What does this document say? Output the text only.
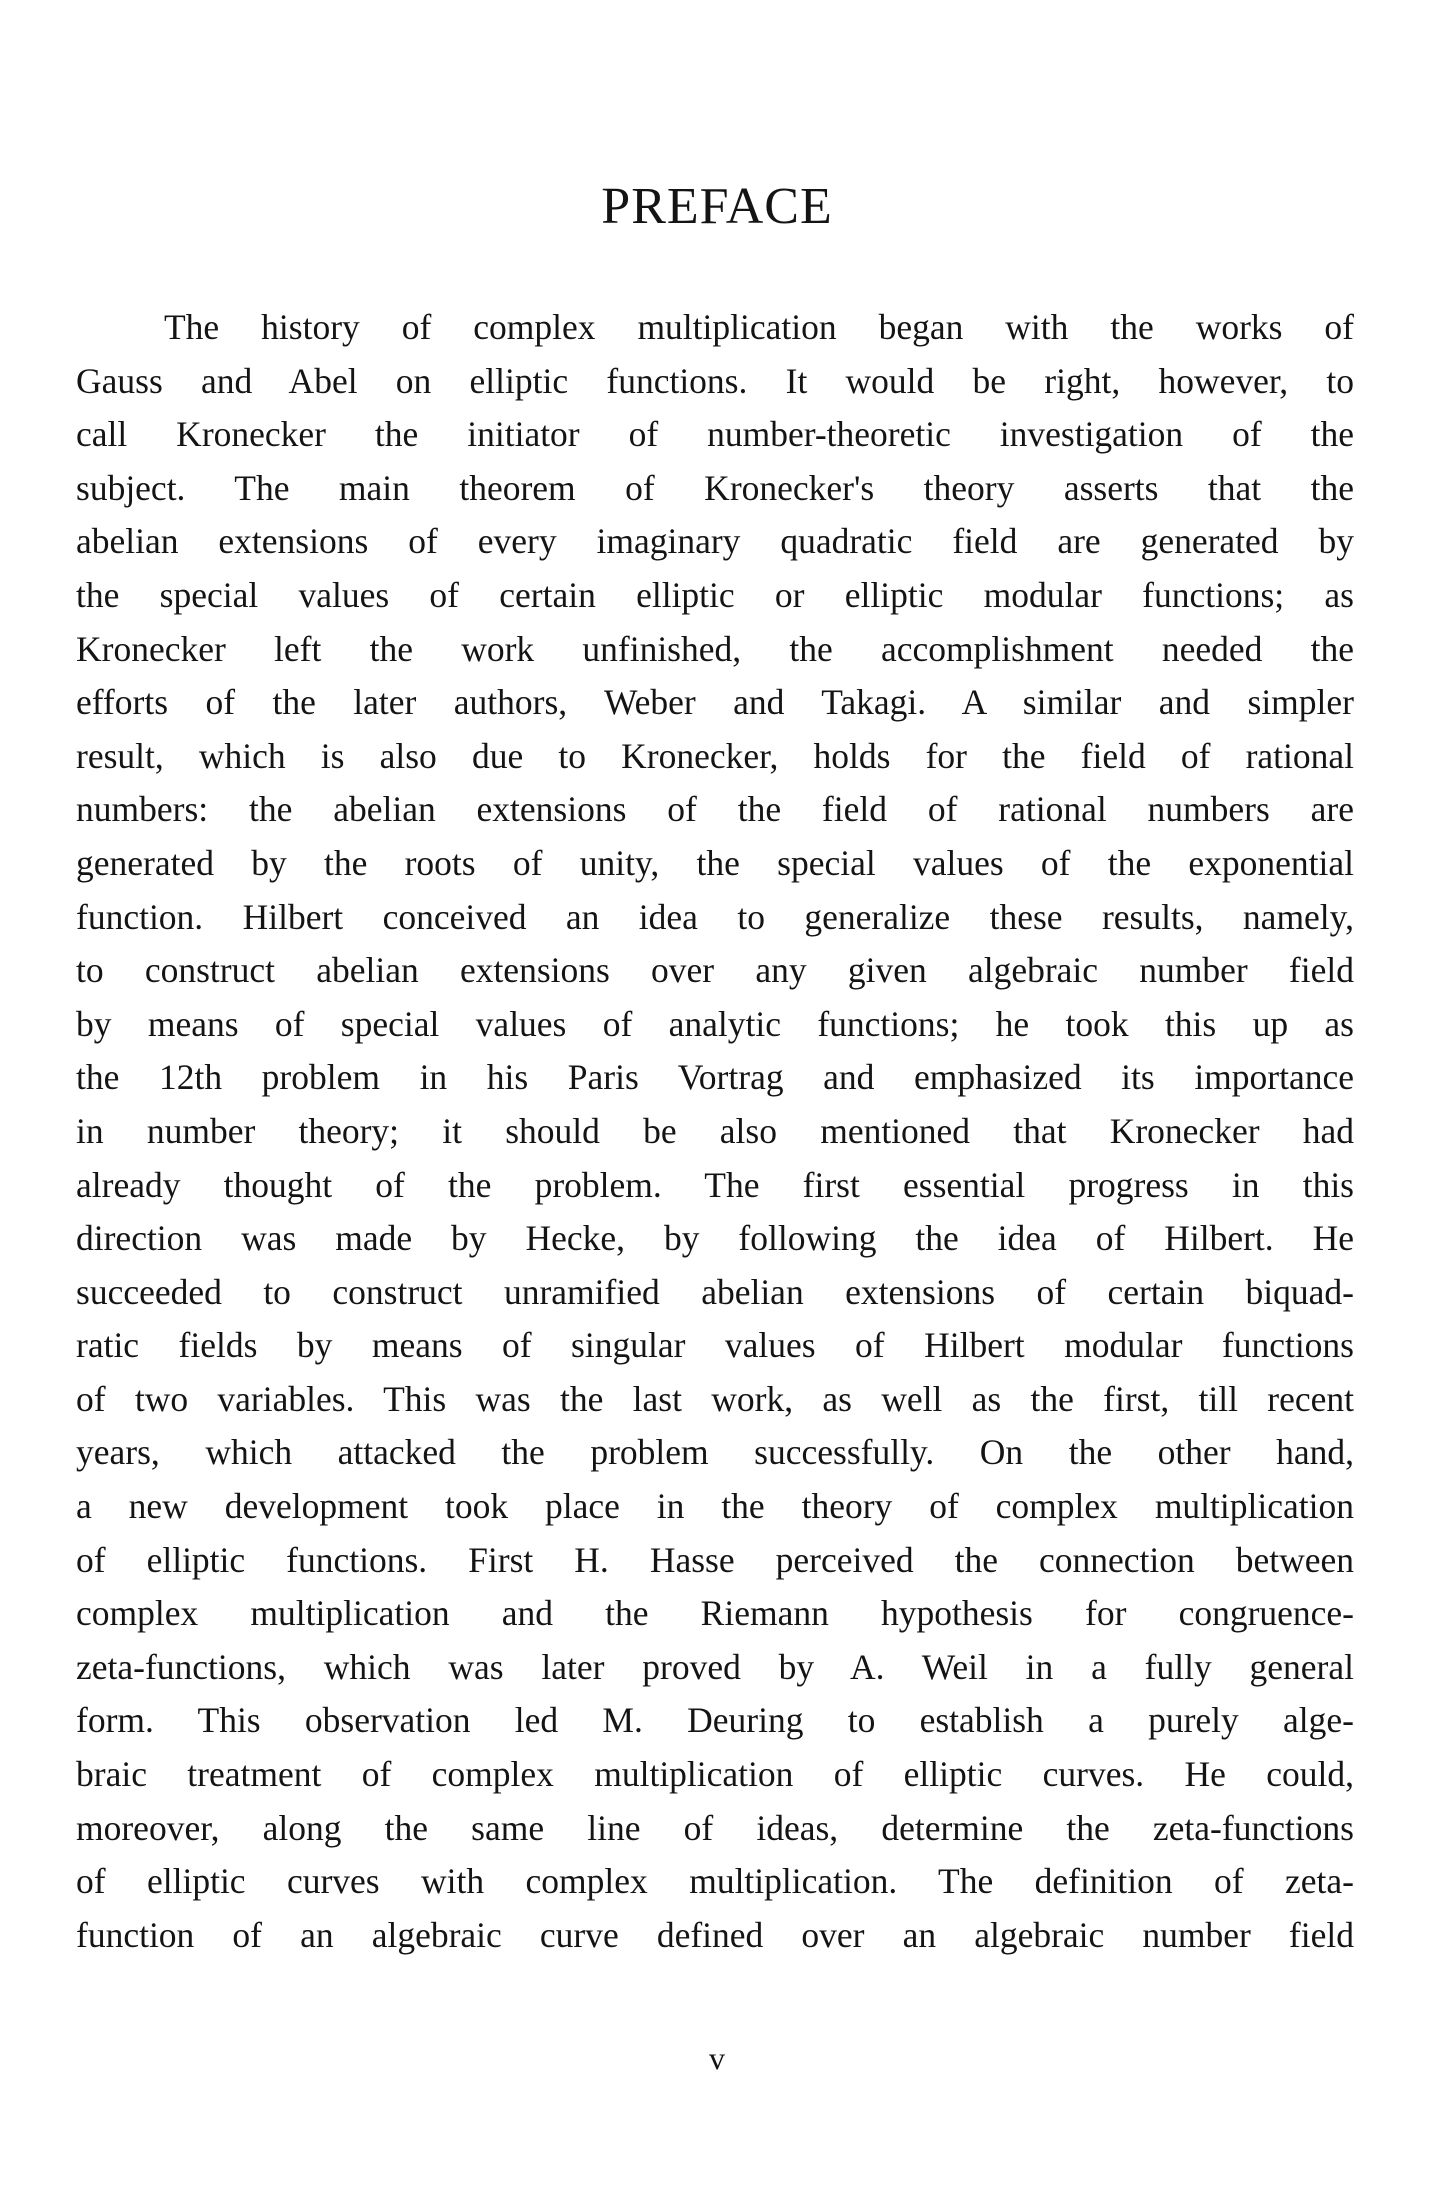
PREFACE

The history of complex multiplication began with the works of
Gauss and Abel on elliptic functions. It would be right, however, to
call Kronecker the initiator of number-theoretic investigation of the
subject. The main theorem of Kronecker's theory asserts that the
abelian extensions of every imaginary quadratic field are generated by
the special values of certain elliptic or elliptic modular functions; as
Kronecker left the work unfinished, the accomplishment needed the
efforts of the later authors, Weber and Takagi. A similar and simpler
result, which is also due to Kronecker, holds for the field of rational
numbers: the abelian extensions of the field of rational numbers are
generated by the roots of unity, the special values of the exponential
function. Hilbert conceived an idea to generalize these results, namely,
to construct abelian extensions over any given algebraic number field
by means of special values of analytic functions; he took this up as
the 12th problem in his Paris Vortrag and emphasized its importance
in number theory; it should be also mentioned that Kronecker had
already thought of the problem. The first essential progress in this
direction was made by Hecke, by following the idea of Hilbert. He
succeeded to construct unramified abelian extensions of certain biquad-
ratic fields by means of singular values of Hilbert modular functions
of two variables. This was the last work, as well as the first, till recent
years, which attacked the problem successfully. On the other hand,
a new development took place in the theory of complex multiplication
of elliptic functions. First H. Hasse perceived the connection between
complex multiplication and the Riemann hypothesis for congruence-
zeta-functions, which was later proved by A. Weil in a fully general
form. This observation led M. Deuring to establish a purely alge-
braic treatment of complex multiplication of elliptic curves. He could,
moreover, along the same line of ideas, determine the zeta-functions
of elliptic curves with complex multiplication. The definition of zeta-
function of an algebraic curve defined over an algebraic number field

v
